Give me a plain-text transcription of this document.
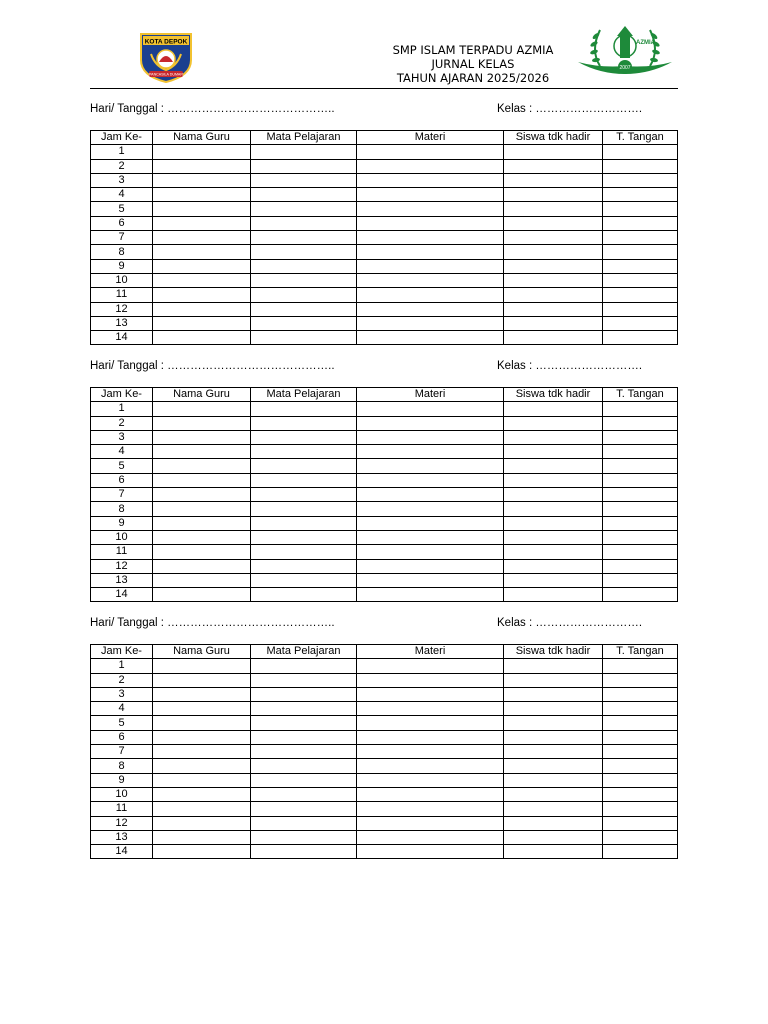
KOTA DEPOK
PANCASILA DUMAR
SMP ISLAM TERPADU AZMIA
JURNAL KELAS
TAHUN AJARAN 2025/2026
AZMIA
2007
Hari/ Tanggal : ……………………………………..	Kelas : ……………………….
Jam Ke-	Nama Guru	Mata Pelajaran	Materi	Siswa tdk hadir	T. Tangan
1					
2					
3					
4					
5					
6					
7					
8					
9					
10					
11					
12					
13					
14					
Hari/ Tanggal : ……………………………………..	Kelas : ……………………….
Jam Ke-	Nama Guru	Mata Pelajaran	Materi	Siswa tdk hadir	T. Tangan
1					
2					
3					
4					
5					
6					
7					
8					
9					
10					
11					
12					
13					
14					
Hari/ Tanggal : ……………………………………..	Kelas : ……………………….
Jam Ke-	Nama Guru	Mata Pelajaran	Materi	Siswa tdk hadir	T. Tangan
1					
2					
3					
4					
5					
6					
7					
8					
9					
10					
11					
12					
13					
14					
